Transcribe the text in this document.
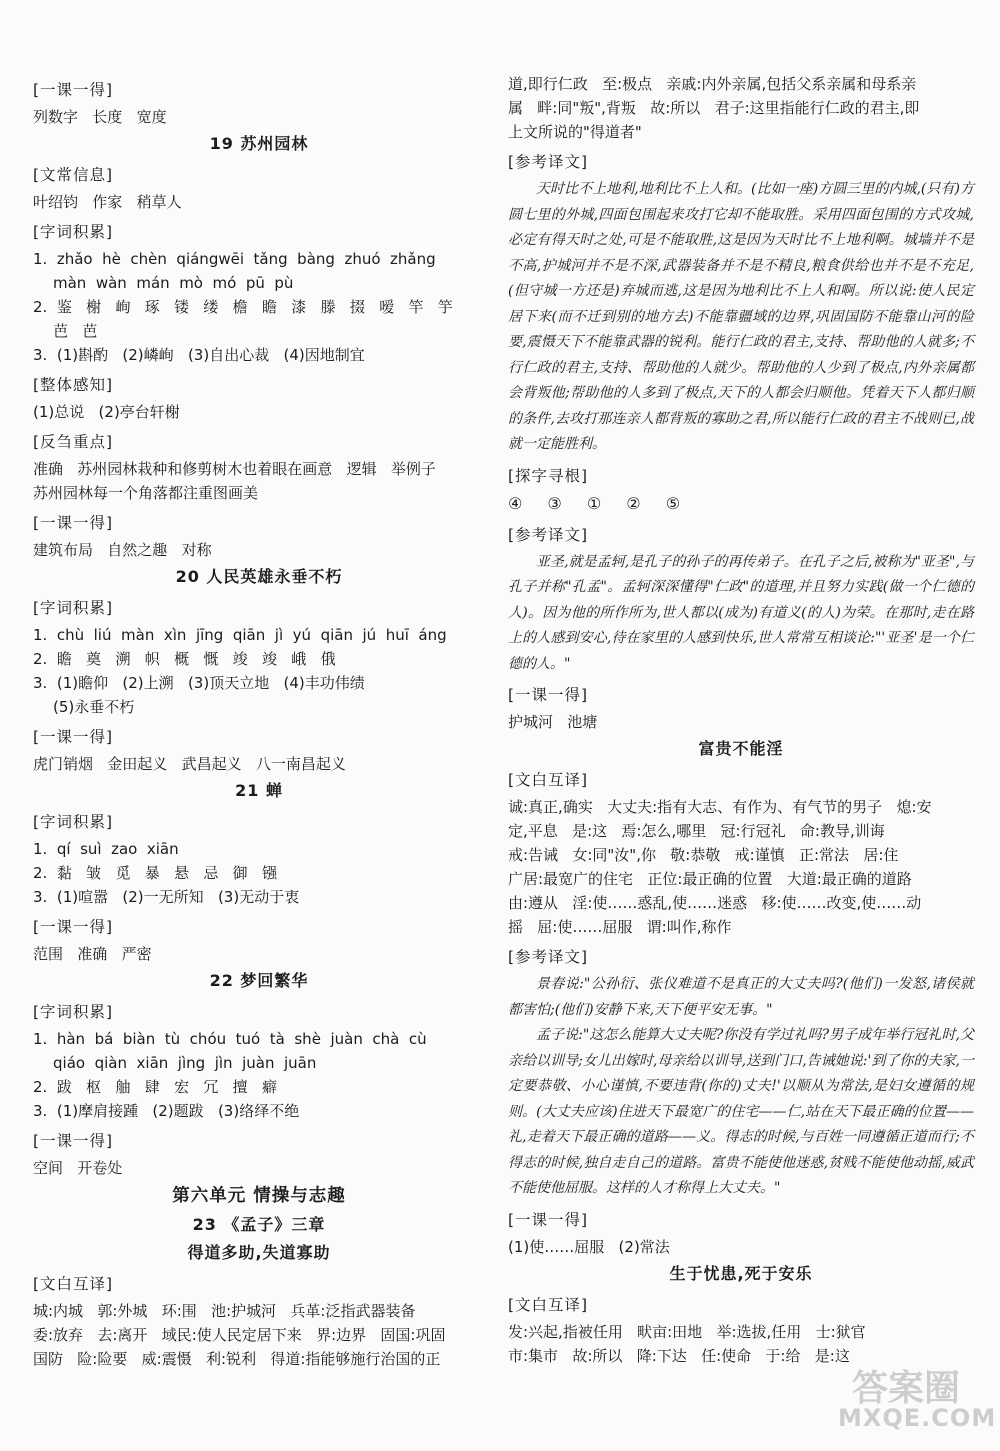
[一课一得]
列数字   长度   宽度
19 苏州园林
[文常信息]
叶绍钧   作家   稍草人
[字词积累]
1.  zhǎo  hè  chèn  qiángwēi  tǎng  bàng  zhuó  zhǎng
màn  wàn  mán  mò  mó  pū  pù
2.  鉴   榭   峋   琢   镂   缕   檐   瞻   漆   滕   掇   嗳   竿   竽
芭   芭
3.  (1)斟酌   (2)嶙峋   (3)自出心裁   (4)因地制宜
[整体感知]
(1)总说   (2)亭台轩榭
[反刍重点]
准确   苏州园林栽种和修剪树木也着眼在画意   逻辑   举例子
苏州园林每一个角落都注重图画美
[一课一得]
建筑布局   自然之趣   对称
20 人民英雄永垂不朽
[字词积累]
1.  chù  liú  màn  xìn  jīng  qiān  jì  yú  qiān  jú  huī  áng
2.  瞻   奠   溯   帜   概   慨   竣   竣   峨   俄
3.  (1)瞻仰   (2)上溯   (3)顶天立地   (4)丰功伟绩
(5)永垂不朽
[一课一得]
虎门销烟   金田起义   武昌起义   八一南昌起义
21 蝉
[字词积累]
1.  qí  suì  zao  xiān
2.  黏   皱   觅   暴   悬   忌   御   镪
3.  (1)喧嚣   (2)一无所知   (3)无动于衷
[一课一得]
范围   准确   严密
22 梦回繁华
[字词积累]
1.  hàn  bá  biàn  tù  chóu  tuó  tà  shè  juàn  chà  cù
qiáo  qiàn  xiān  jìng  jìn  juàn  juān
2.  跋   枢   舳   肆   宏   冗   擅   癖
3.  (1)摩肩接踵   (2)题跋   (3)络绎不绝
[一课一得]
空间   开卷处
第六单元 情操与志趣
23 《孟子》三章
得道多助,失道寡助
[文白互译]
城:内城   郭:外城   环:围   池:护城河   兵革:泛指武器装备
委:放弃   去:离开   域民:使人民定居下来   界:边界   固国:巩固
国防   险:险要   威:震慑   利:锐利   得道:指能够施行治国的正
道,即行仁政   至:极点   亲戚:内外亲属,包括父系亲属和母系亲
属   畔:同"叛",背叛   故:所以   君子:这里指能行仁政的君主,即
上文所说的"得道者"
[参考译文]

天时比不上地利,地利比不上人和。(比如一座)方圆三里的内城,(只有)方圆七里的外城,四面包围起来攻打它却不能取胜。采用四面包围的方式攻城,必定有得天时之处,可是不能取胜,这是因为天时比不上地利啊。城墙并不是不高,护城河并不是不深,武器装备并不是不精良,粮食供给也并不是不充足,(但守城一方还是)弃城而逃,这是因为地利比不上人和啊。所以说:使人民定居下来(而不迁到别的地方去)不能靠疆域的边界,巩固国防不能靠山河的险要,震慑天下不能靠武器的锐利。能行仁政的君主,支持、帮助他的人就多;不行仁政的君主,支持、帮助他的人就少。帮助他的人少到了极点,内外亲属都会背叛他;帮助他的人多到了极点,天下的人都会归顺他。凭着天下人都归顺的条件,去攻打那连亲人都背叛的寡助之君,所以能行仁政的君主不战则已,战就一定能胜利。

[探字寻根]
④ ③ ① ② ⑤
[参考译文]

亚圣,就是孟轲,是孔子的孙子的再传弟子。在孔子之后,被称为"亚圣",与孔子并称"孔孟"。孟轲深深懂得"仁政"的道理,并且努力实践(做一个仁德的人)。因为他的所作所为,世人都以(成为)有道义(的人)为荣。在那时,走在路上的人感到安心,待在家里的人感到快乐,世人常常互相谈论:"'亚圣'是一个仁德的人。"

[一课一得]
护城河   池塘
富贵不能淫
[文白互译]
诚:真正,确实   大丈夫:指有大志、有作为、有气节的男子   熄:安
定,平息   是:这   焉:怎么,哪里   冠:行冠礼   命:教导,训诲
戒:告诫   女:同"汝",你   敬:恭敬   戒:谨慎   正:常法   居:住
广居:最宽广的住宅   正位:最正确的位置   大道:最正确的道路
由:遵从   淫:使……惑乱,使……迷惑   移:使……改变,使……动
摇   屈:使……屈服   谓:叫作,称作
[参考译文]

景春说:"公孙衍、张仪难道不是真正的大丈夫吗?(他们)一发怒,诸侯就都害怕;(他们)安静下来,天下便平安无事。"

孟子说:"这怎么能算大丈夫呢?你没有学过礼吗?男子成年举行冠礼时,父亲给以训导;女儿出嫁时,母亲给以训导,送到门口,告诫她说:'到了你的夫家,一定要恭敬、小心谨慎,不要违背(你的)丈夫!'以顺从为常法,是妇女遵循的规则。(大丈夫应该)住进天下最宽广的住宅——仁,站在天下最正确的位置——礼,走着天下最正确的道路——义。得志的时候,与百姓一同遵循正道而行;不得志的时候,独自走自己的道路。富贵不能使他迷惑,贫贱不能使他动摇,威武不能使他屈服。这样的人才称得上大丈夫。"

[一课一得]
(1)使……屈服   (2)常法
生于忧患,死于安乐
[文白互译]
发:兴起,指被任用   畎亩:田地   举:选拔,任用   士:狱官
市:集市   故:所以   降:下达   任:使命   于:给   是:这
答案圈
MXQE.COM
